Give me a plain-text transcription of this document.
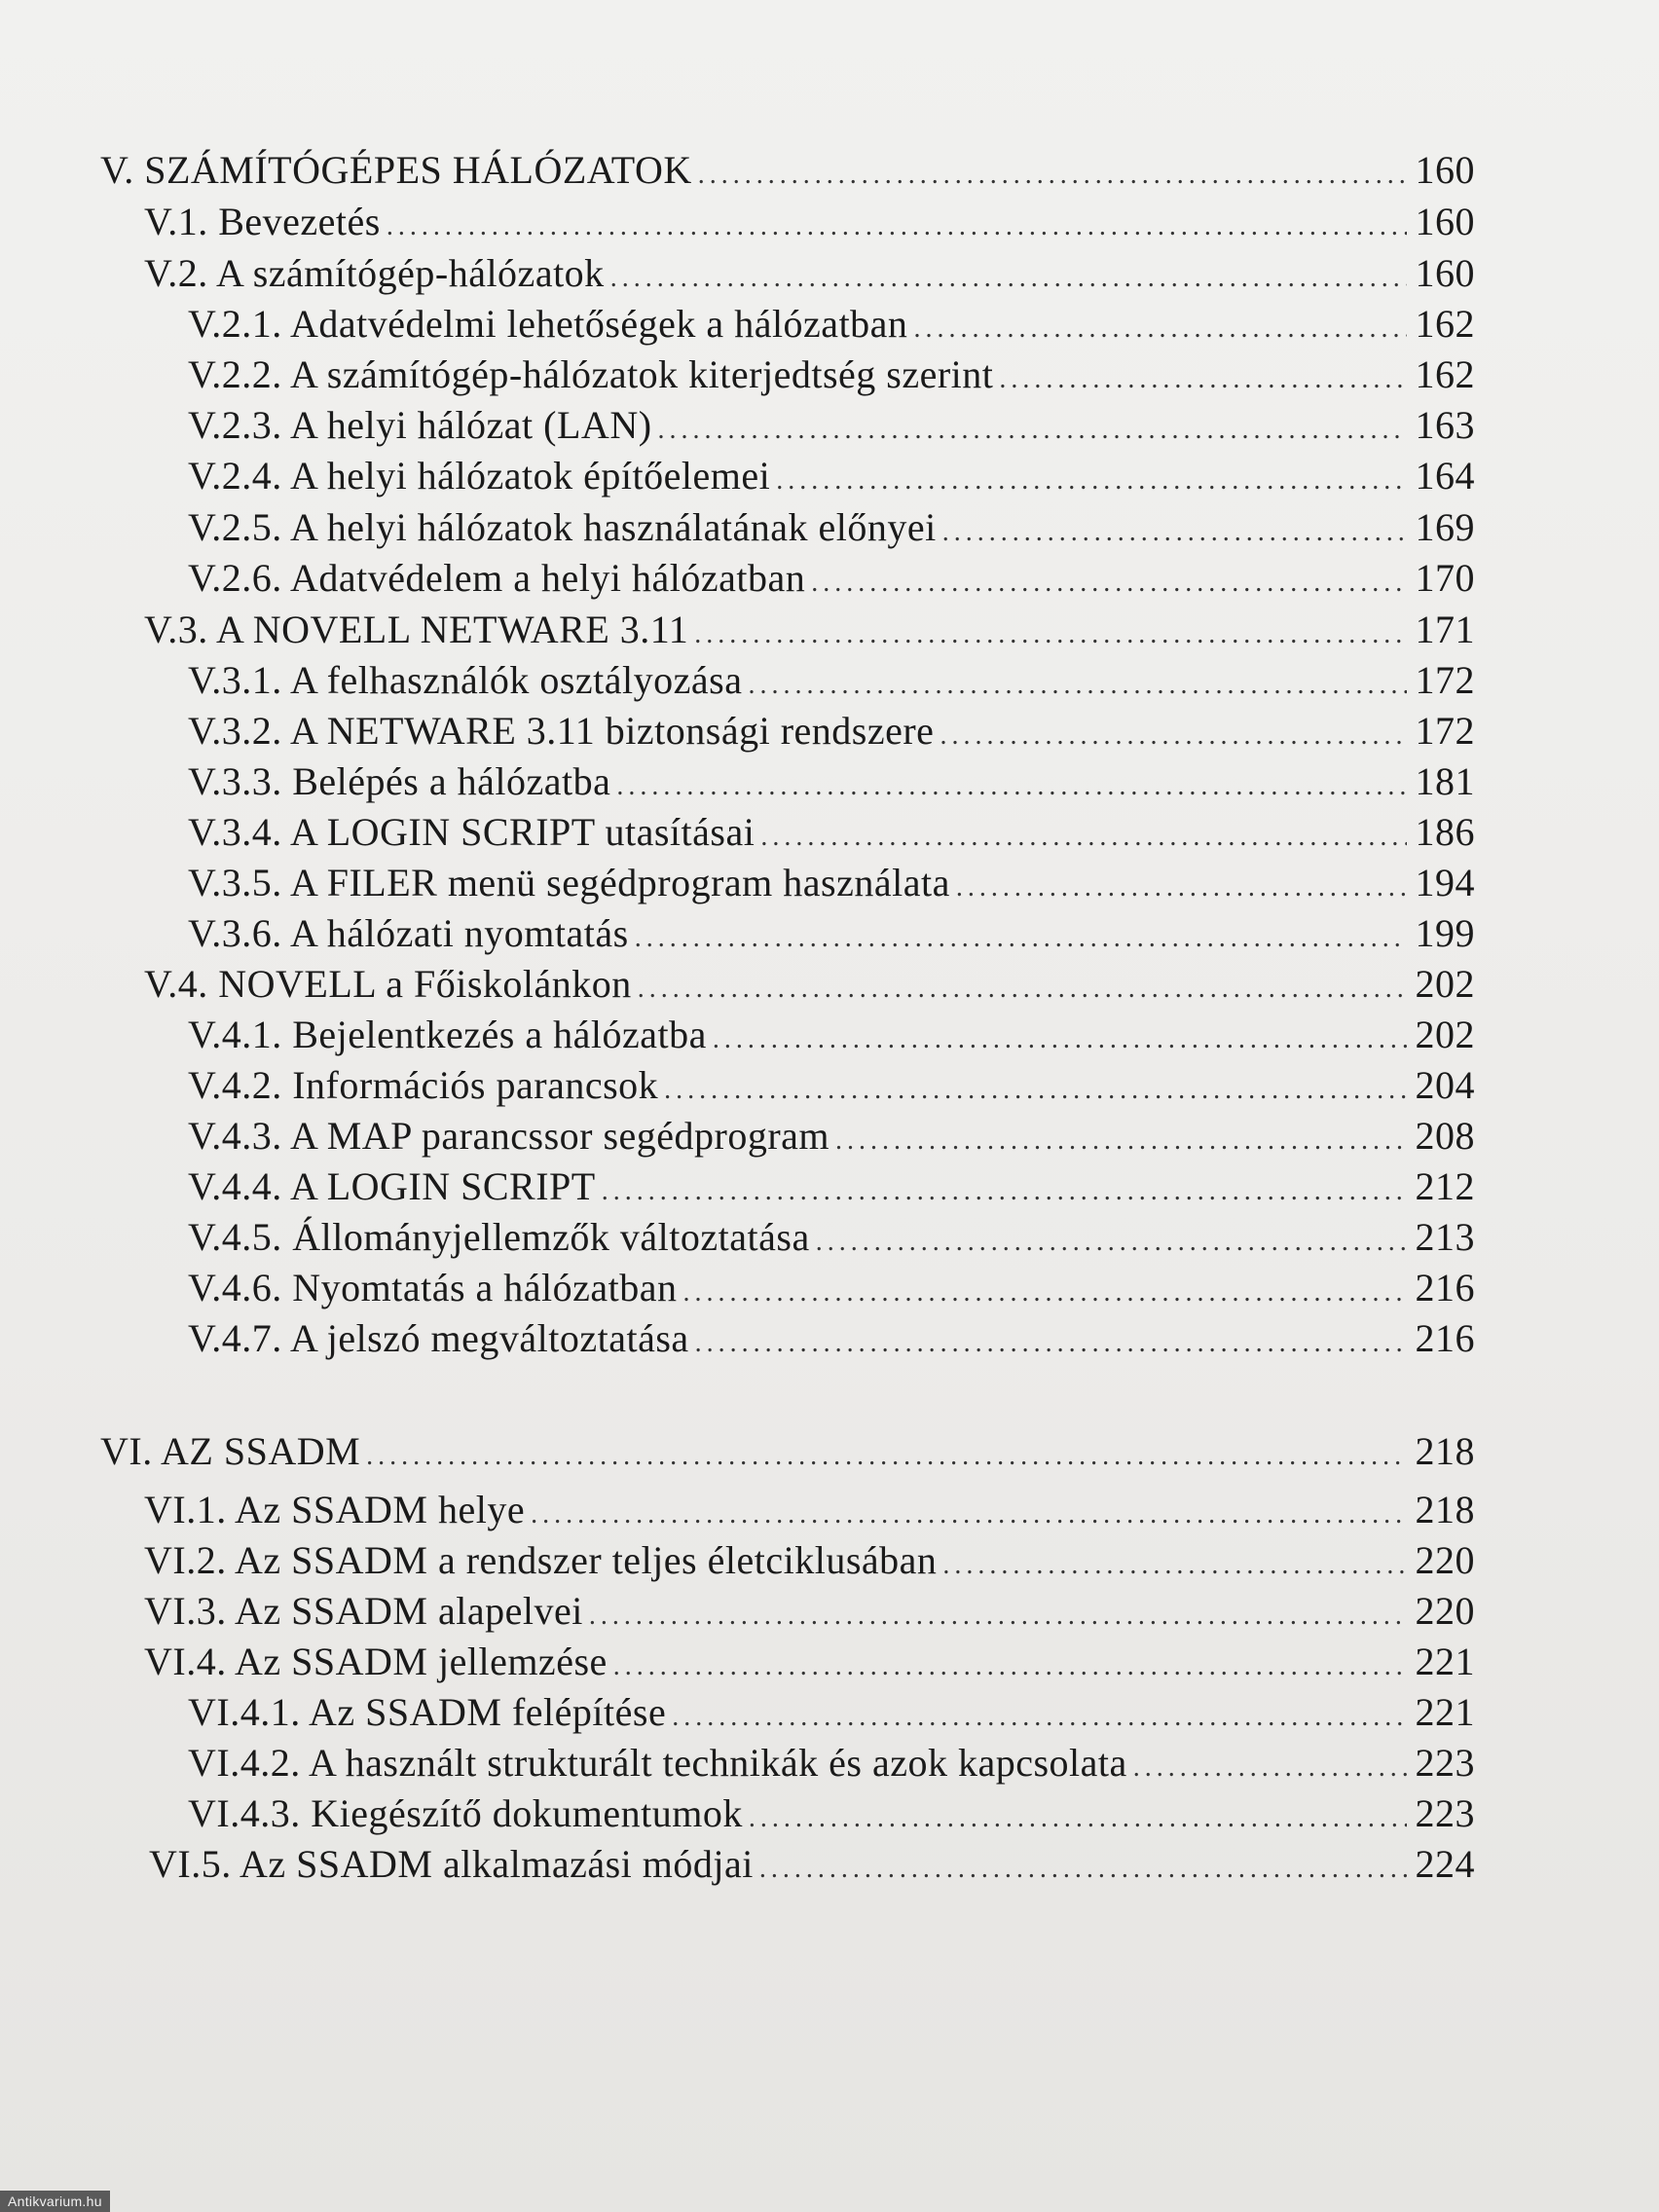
V. SZÁMÍTÓGÉPES HÁLÓZATOK .....	160
V.1. Bevezetés .....	160
V.2. A számítógép-hálózatok .....	160
V.2.1. Adatvédelmi lehetőségek a hálózatban .....	162
V.2.2. A számítógép-hálózatok kiterjedtség szerint .....	162
V.2.3. A helyi hálózat (LAN) .....	163
V.2.4. A helyi hálózatok építőelemei .....	164
V.2.5. A helyi hálózatok használatának előnyei .....	169
V.2.6. Adatvédelem a helyi hálózatban .....	170
V.3. A NOVELL NETWARE 3.11 .....	171
V.3.1. A felhasználók osztályozása .....	172
V.3.2. A NETWARE 3.11 biztonsági rendszere .....	172
V.3.3. Belépés a hálózatba .....	181
V.3.4. A LOGIN SCRIPT utasításai .....	186
V.3.5. A FILER menü segédprogram használata .....	194
V.3.6. A hálózati nyomtatás .....	199
V.4. NOVELL a Főiskolánkon .....	202
V.4.1. Bejelentkezés a hálózatba .....	202
V.4.2. Információs parancsok .....	204
V.4.3. A MAP parancssor segédprogram .....	208
V.4.4. A LOGIN SCRIPT .....	212
V.4.5. Állományjellemzők változtatása .....	213
V.4.6. Nyomtatás a hálózatban .....	216
V.4.7. A jelszó megváltoztatása .....	216
VI. AZ SSADM .....	218
VI.1. Az SSADM helye .....	218
VI.2. Az SSADM a rendszer teljes életciklusában .....	220
VI.3. Az SSADM alapelvei .....	220
VI.4. Az SSADM jellemzése .....	221
VI.4.1. Az SSADM felépítése .....	221
VI.4.2. A használt strukturált technikák és azok kapcsolata .....	223
VI.4.3. Kiegészítő dokumentumok .....	223
VI.5. Az SSADM alkalmazási módjai .....	224
Antikvarium.hu
